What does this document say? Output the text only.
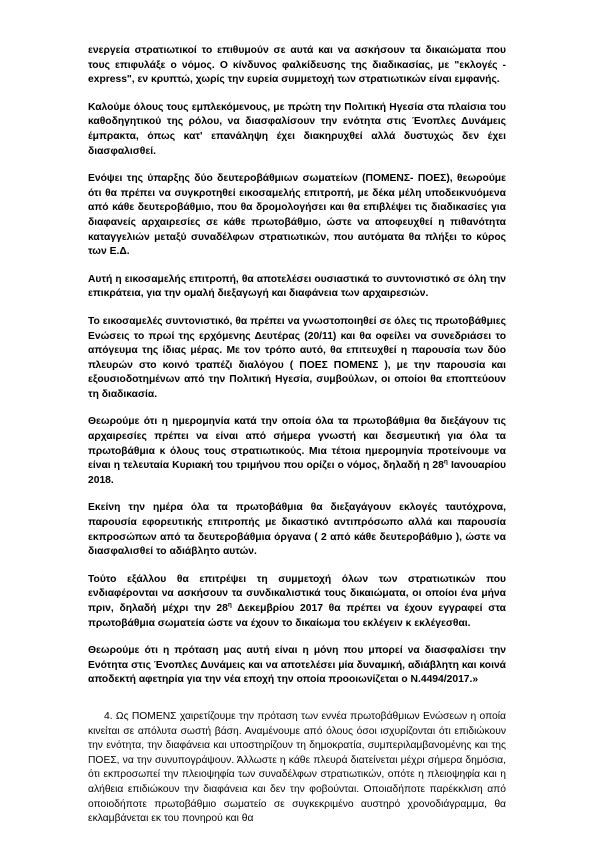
ενεργεία στρατιωτικοί το επιθυμούν σε αυτά και να ασκήσουν τα δικαιώματα που τους επιφυλάξε ο νόμος. Ο κίνδυνος φαλκίδευσης της διαδικασίας, με "εκλογές - express", εν κρυπτώ, χωρίς την ευρεία συμμετοχή των στρατιωτικών είναι εμφανής.

Καλούμε όλους τους εμπλεκόμενους, με πρώτη την Πολιτική Ηγεσία στα πλαίσια του καθοδηγητικού της ρόλου, να διασφαλίσουν την ενότητα στις Ένοπλες Δυνάμεις έμπρακτα, όπως κατ' επανάληψη έχει διακηρυχθεί αλλά δυστυχώς δεν έχει διασφαλισθεί.

Ενόψει της ύπαρξης δύο δευτεροβάθμιων σωματείων (ΠΟΜΕΝΣ- ΠΟΕΣ), θεωρούμε ότι θα πρέπει να συγκροτηθεί εικοσαμελής επιτροπή, με δέκα μέλη υποδεικνυόμενα από κάθε δευτεροβάθμιο, που θα δρομολογήσει και θα επιβλέψει τις διαδικασίες για διαφανείς αρχαιρεσίες σε κάθε πρωτοβάθμιο, ώστε να αποφευχθεί η πιθανότητα καταγγελιών μεταξύ συναδέλφων στρατιωτικών, που αυτόματα θα πλήξει το κύρος των Ε.Δ.

Αυτή η εικοσαμελής επιτροπή, θα αποτελέσει ουσιαστικά το συντονιστικό σε όλη την επικράτεια, για την ομαλή διεξαγωγή και διαφάνεια των αρχαιρεσιών.

Το εικοσαμελές συντονιστικό, θα πρέπει να γνωστοποιηθεί σε όλες τις πρωτοβάθμιες Ενώσεις το πρωί της ερχόμενης Δευτέρας (20/11) και θα οφείλει να συνεδριάσει το απόγευμα της ίδιας μέρας. Με τον τρόπο αυτό, θα επιτευχθεί η παρουσία των δύο πλευρών στο κοινό τραπέζι διαλόγου ( ΠΟΕΣ ΠΟΜΕΝΣ ), με την παρουσία και εξουσιοδοτημένων από την Πολιτική Ηγεσία, συμβούλων, οι οποίοι θα εποπτεύουν τη διαδικασία.

Θεωρούμε ότι η ημερομηνία κατά την οποία όλα τα πρωτοβάθμια θα διεξάγουν τις αρχαιρεσίες πρέπει να είναι από σήμερα γνωστή και δεσμευτική για όλα τα πρωτοβάθμια κ όλους τους στρατιωτικούς. Μια τέτοια ημερομηνία προτείνουμε να είναι η τελευταία Κυριακή του τριμήνου που ορίζει ο νόμος, δηλαδή η $28^\eta$ Ιανουαρίου 2018.

Εκείνη την ημέρα όλα τα πρωτοβάθμια θα διεξαγάγουν εκλογές ταυτόχρονα, παρουσία εφορευτικής επιτροπής με δικαστικό αντιπρόσωπο αλλά και παρουσία εκπροσώπων από τα δευτεροβάθμια όργανα ( 2 από κάθε δευτεροβάθμιο ), ώστε να διασφαλισθεί το αδιάβλητο αυτών.

Τούτο εξάλλου θα επιτρέψει τη συμμετοχή όλων των στρατιωτικών που ενδιαφέρονται να ασκήσουν τα συνδικαλιστικά τους δικαιώματα, οι οποίοι ένα μήνα πριν, δηλαδή μέχρι την $28^\eta$ Δεκεμβρίου 2017 θα πρέπει να έχουν εγγραφεί στα πρωτοβάθμια σωματεία ώστε να έχουν το δικαίωμα του εκλέγειν κ εκλέγεσθαι.

Θεωρούμε ότι η πρόταση μας αυτή είναι η μόνη που μπορεί να διασφαλίσει την Ενότητα στις Ένοπλες Δυνάμεις και να αποτελέσει μία δυναμική, αδιάβλητη και κοινά αποδεκτή αφετηρία για την νέα εποχή την οποία προοιωνίζεται ο Ν.4494/2017.»

4. Ως ΠΟΜΕΝΣ χαιρετίζουμε την πρόταση των εννέα πρωτοβάθμιων Ενώσεων η οποία κινείται σε απόλυτα σωστή βάση. Αναμένουμε από όλους όσοι ισχυρίζονται ότι επιδιώκουν την ενότητα, την διαφάνεια και υποστηρίζουν τη δημοκρατία, συμπεριλαμβανομένης και της ΠΟΕΣ, να την συνυπογράψουν. Άλλωστε η κάθε πλευρά διατείνεται μέχρι σήμερα δημόσια, ότι εκπροσωπεί την πλειοψηφία των συναδέλφων στρατιωτικών, οπότε η πλειοψηφία και η αλήθεια επιδιώκουν την διαφάνεια και δεν την φοβούνται. Οποιαδήποτε παρέκκλιση από οποιοδήποτε πρωτοβάθμιο σωματείο σε συγκεκριμένο αυστηρό χρονοδιάγραμμα, θα εκλαμβάνεται εκ του πονηρού και θα
